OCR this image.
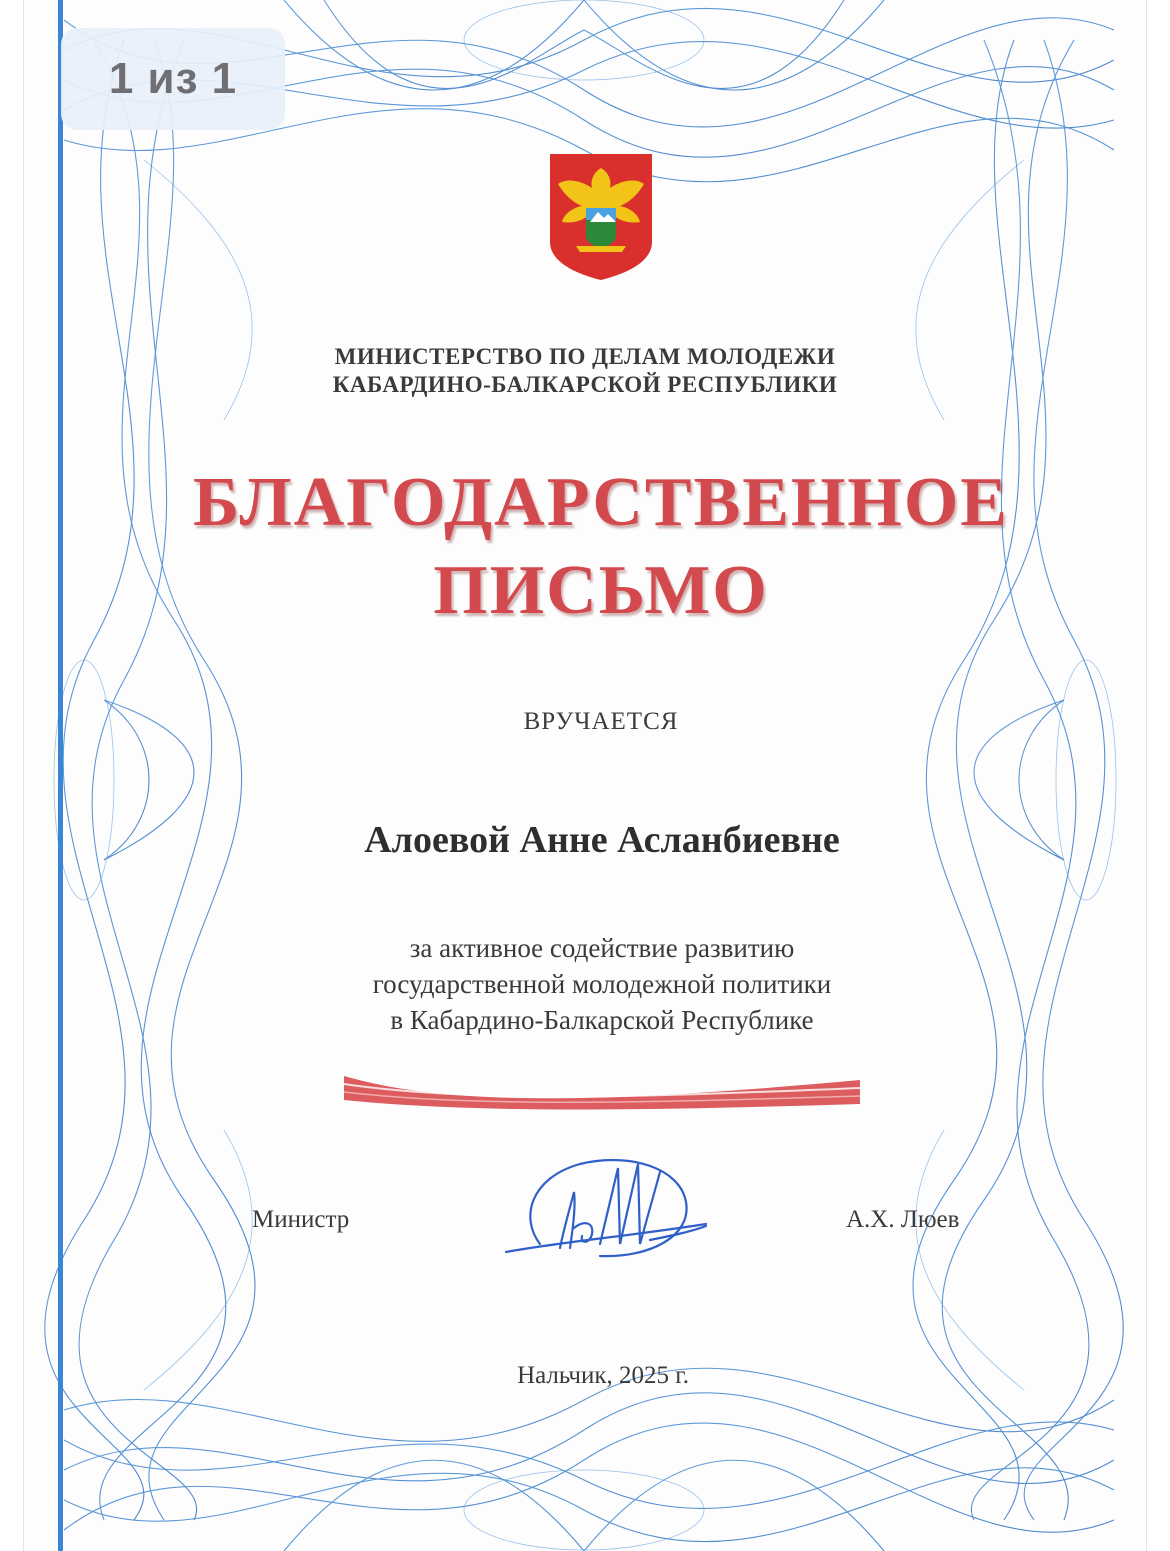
1 из 1
МИНИСТЕРСТВО ПО ДЕЛАМ МОЛОДЕЖИ
КАБАРДИНО-БАЛКАРСКОЙ РЕСПУБЛИКИ
БЛАГОДАРСТВЕННОЕ
ПИСЬМО
ВРУЧАЕТСЯ
Алоевой Анне Асланбиевне
за активное содействие развитию
государственной молодежной политики
в Кабардино-Балкарской Республике
Министр	А.Х. Люев
Нальчик, 2025 г.
